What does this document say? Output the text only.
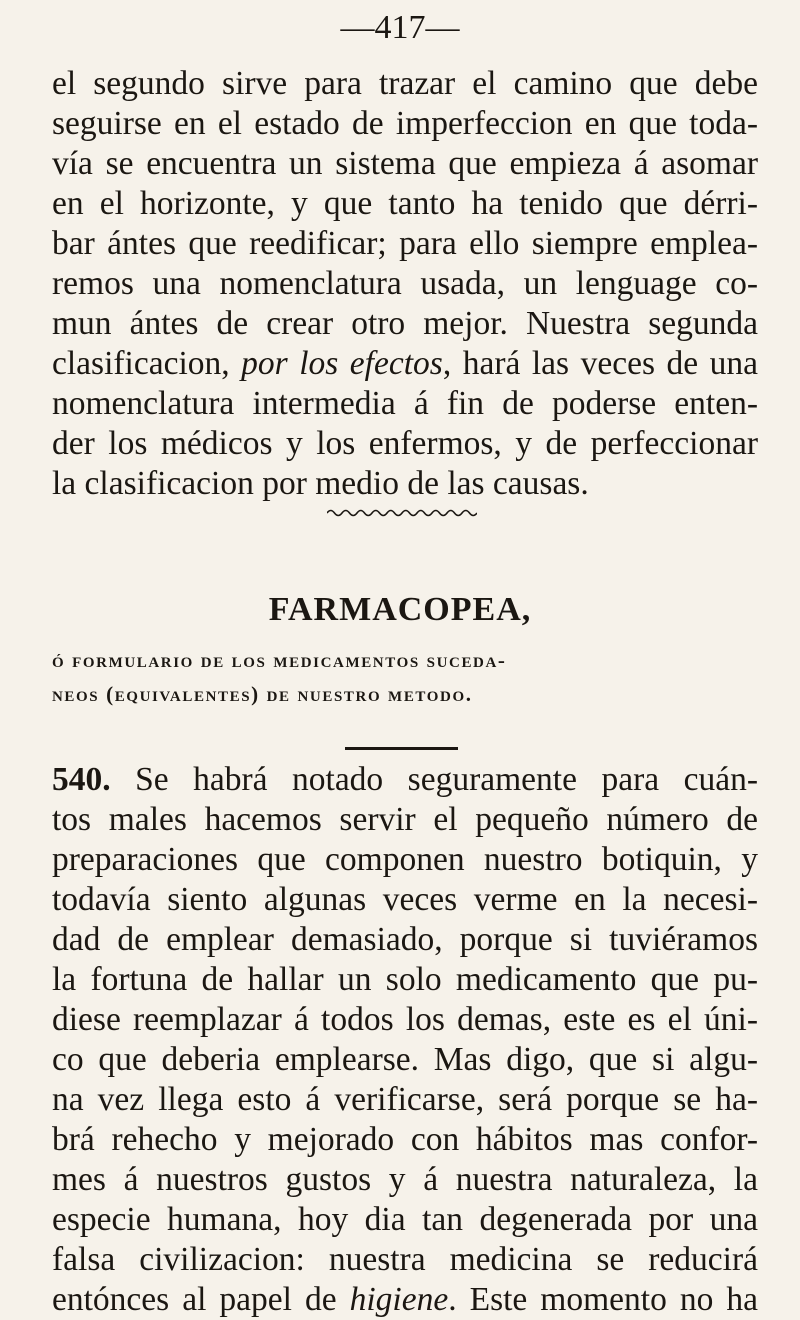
—417—

el segundo sirve para trazar el camino que debe
seguirse en el estado de imperfeccion en que toda-
vía se encuentra un sistema que empieza á asomar
en el horizonte, y que tanto ha tenido que dérri-
bar ántes que reedificar; para ello siempre emplea-
remos una nomenclatura usada, un lenguage co-
mun ántes de crear otro mejor. Nuestra segunda
clasificacion, por los efectos, hará las veces de una
nomenclatura intermedia á fin de poderse enten-
der los médicos y los enfermos, y de perfeccionar
la clasificacion por medio de las causas.

FARMACOPEA,
ó formulario de los medicamentos suceda-
neos (equivalentes) de nuestro metodo.

540. Se habrá notado seguramente para cuán-
tos males hacemos servir el pequeño número de
preparaciones que componen nuestro botiquin, y
todavía siento algunas veces verme en la necesi-
dad de emplear demasiado, porque si tuviéramos
la fortuna de hallar un solo medicamento que pu-
diese reemplazar á todos los demas, este es el úni-
co que deberia emplearse. Mas digo, que si algu-
na vez llega esto á verificarse, será porque se ha-
brá rehecho y mejorado con hábitos mas confor-
mes á nuestros gustos y á nuestra naturaleza, la
especie humana, hoy dia tan degenerada por una
falsa civilizacion: nuestra medicina se reducirá
entónces al papel de higiene. Este momento no ha
